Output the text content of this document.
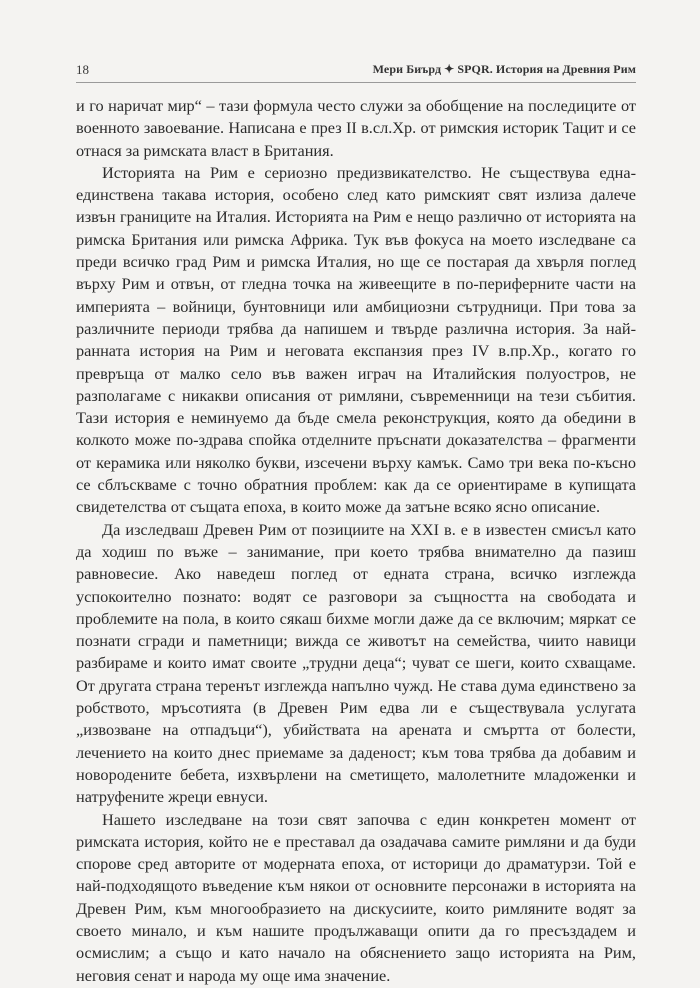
18	Мери Биърд ✦ SPQR. История на Древния Рим

и го наричат мир“ – тази формула често служи за обобщение на последиците от военното завоевание. Написана е през II в.сл.Хр. от римския историк Тацит и се отнася за римската власт в Британия.

Историята на Рим е сериозно предизвикателство. Не съществува една-единствена такава история, особено след като римският свят излиза далече извън границите на Италия. Историята на Рим е нещо различно от историята на римска Британия или римска Африка. Тук във фокуса на моето изследване са преди всичко град Рим и римска Италия, но ще се постарая да хвърля поглед върху Рим и отвън, от гледна точка на живеещите в по-периферните части на империята – войници, бунтовници или амбициозни сътрудници. При това за различните периоди трябва да напишем и твърде различна история. За най-ранната история на Рим и неговата експанзия през IV в.пр.Хр., когато го превръща от малко село във важен играч на Италийския полуостров, не разполагаме с никакви описания от римляни, съвременници на тези събития. Тази история е неминуемо да бъде смела реконструкция, която да обедини в колкото може по-здрава спойка отделните пръснати доказателства – фрагменти от керамика или няколко букви, изсечени върху камък. Само три века по-късно се сблъскваме с точно обратния проблем: как да се ориентираме в купищата свидетелства от същата епоха, в които може да затъне всяко ясно описание.

Да изследваш Древен Рим от позициите на XXI в. е в известен смисъл като да ходиш по въже – занимание, при което трябва внимателно да пазиш равновесие. Ако наведеш поглед от едната страна, всичко изглежда успокоително познато: водят се разговори за същността на свободата и проблемите на пола, в които сякаш бихме могли даже да се включим; мяркат се познати сгради и паметници; вижда се животът на семейства, чиито навици разбираме и които имат своите „трудни деца“; чуват се шеги, които схващаме. От другата страна теренът изглежда напълно чужд. Не става дума единствено за робството, мръсотията (в Древен Рим едва ли е съществувала услугата „извозване на отпадъци“), убийствата на арената и смъртта от болести, лечението на които днес приемаме за даденост; към това трябва да добавим и новородените бебета, изхвърлени на сметището, малолетните младоженки и натруфените жреци евнуси.

Нашето изследване на този свят започва с един конкретен момент от римската история, който не е преставал да озадачава самите римляни и да буди спорове сред авторите от модерната епоха, от историци до драматурзи. Той е най-подходящото въведение към някои от основните персонажи в историята на Древен Рим, към многообразието на дискусиите, които римляните водят за своето минало, и към нашите продължаващи опити да го пресъздадем и осмислим; а също и като начало на обяснението защо историята на Рим, неговия сенат и народа му още има значение.
